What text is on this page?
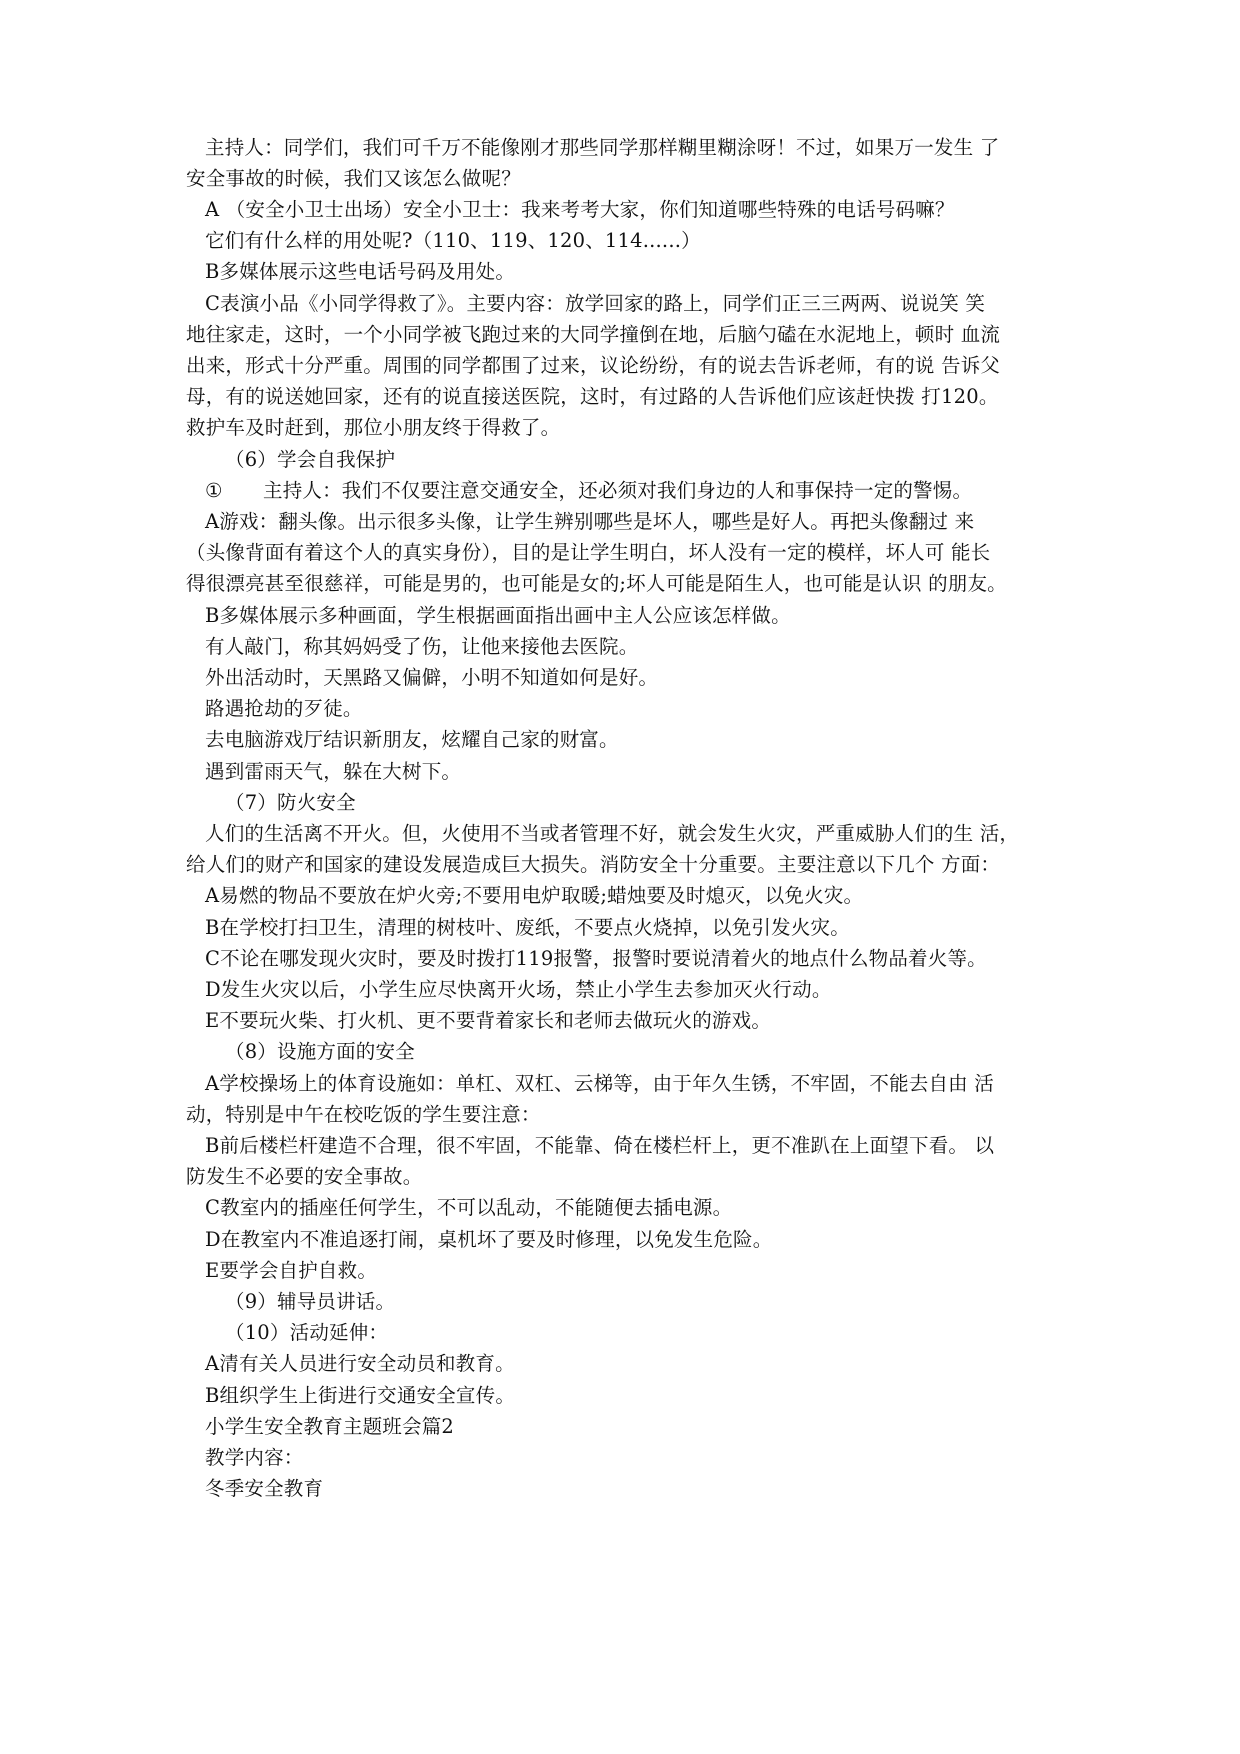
主持人：同学们，我们可千万不能像刚才那些同学那样糊里糊涂呀！不过，如果万一发生 了
安全事故的时候，我们又该怎么做呢？
A （安全小卫士出场）安全小卫士：我来考考大家，你们知道哪些特殊的电话号码嘛？
它们有什么样的用处呢?（110、119、120、114......）
B多媒体展示这些电话号码及用处。
C表演小品《小同学得救了》。主要内容：放学回家的路上，同学们正三三两两、说说笑 笑
地往家走，这时，一个小同学被飞跑过来的大同学撞倒在地，后脑勺磕在水泥地上，顿时 血流
出来，形式十分严重。周围的同学都围了过来，议论纷纷，有的说去告诉老师，有的说 告诉父
母，有的说送她回家，还有的说直接送医院，这时，有过路的人告诉他们应该赶快拨 打120。
救护车及时赶到，那位小朋友终于得救了。
（6）学会自我保护
①	主持人：我们不仅要注意交通安全，还必须对我们身边的人和事保持一定的警惕。
A游戏：翻头像。出示很多头像，让学生辨别哪些是坏人，哪些是好人。再把头像翻过 来
（头像背面有着这个人的真实身份），目的是让学生明白，坏人没有一定的模样，坏人可 能长
得很漂亮甚至很慈祥，可能是男的，也可能是女的;坏人可能是陌生人，也可能是认识 的朋友。
B多媒体展示多种画面，学生根据画面指出画中主人公应该怎样做。
有人敲门，称其妈妈受了伤，让他来接他去医院。
外出活动时，天黑路又偏僻，小明不知道如何是好。
路遇抢劫的歹徒。
去电脑游戏厅结识新朋友，炫耀自己家的财富。
遇到雷雨天气，躲在大树下。
（7）防火安全
人们的生活离不开火。但，火使用不当或者管理不好，就会发生火灾，严重威胁人们的生 活，
给人们的财产和国家的建设发展造成巨大损失。消防安全十分重要。主要注意以下几个 方面：
A易燃的物品不要放在炉火旁;不要用电炉取暖;蜡烛要及时熄灭，以免火灾。
B在学校打扫卫生，清理的树枝叶、废纸，不要点火烧掉，以免引发火灾。
C不论在哪发现火灾时，要及时拨打119报警，报警时要说清着火的地点什么物品着火等。
D发生火灾以后，小学生应尽快离开火场，禁止小学生去参加灭火行动。
E不要玩火柴、打火机、更不要背着家长和老师去做玩火的游戏。
（8）设施方面的安全
A学校操场上的体育设施如：单杠、双杠、云梯等，由于年久生锈，不牢固，不能去自由 活
动，特别是中午在校吃饭的学生要注意：
B前后楼栏杆建造不合理，很不牢固，不能靠、倚在楼栏杆上，更不准趴在上面望下看。 以
防发生不必要的安全事故。
C教室内的插座任何学生，不可以乱动，不能随便去插电源。
D在教室内不准追逐打闹，桌机坏了要及时修理，以免发生危险。
E要学会自护自救。
（9）辅导员讲话。
（10）活动延伸：
A清有关人员进行安全动员和教育。
B组织学生上街进行交通安全宣传。
小学生安全教育主题班会篇2
教学内容：
冬季安全教育
